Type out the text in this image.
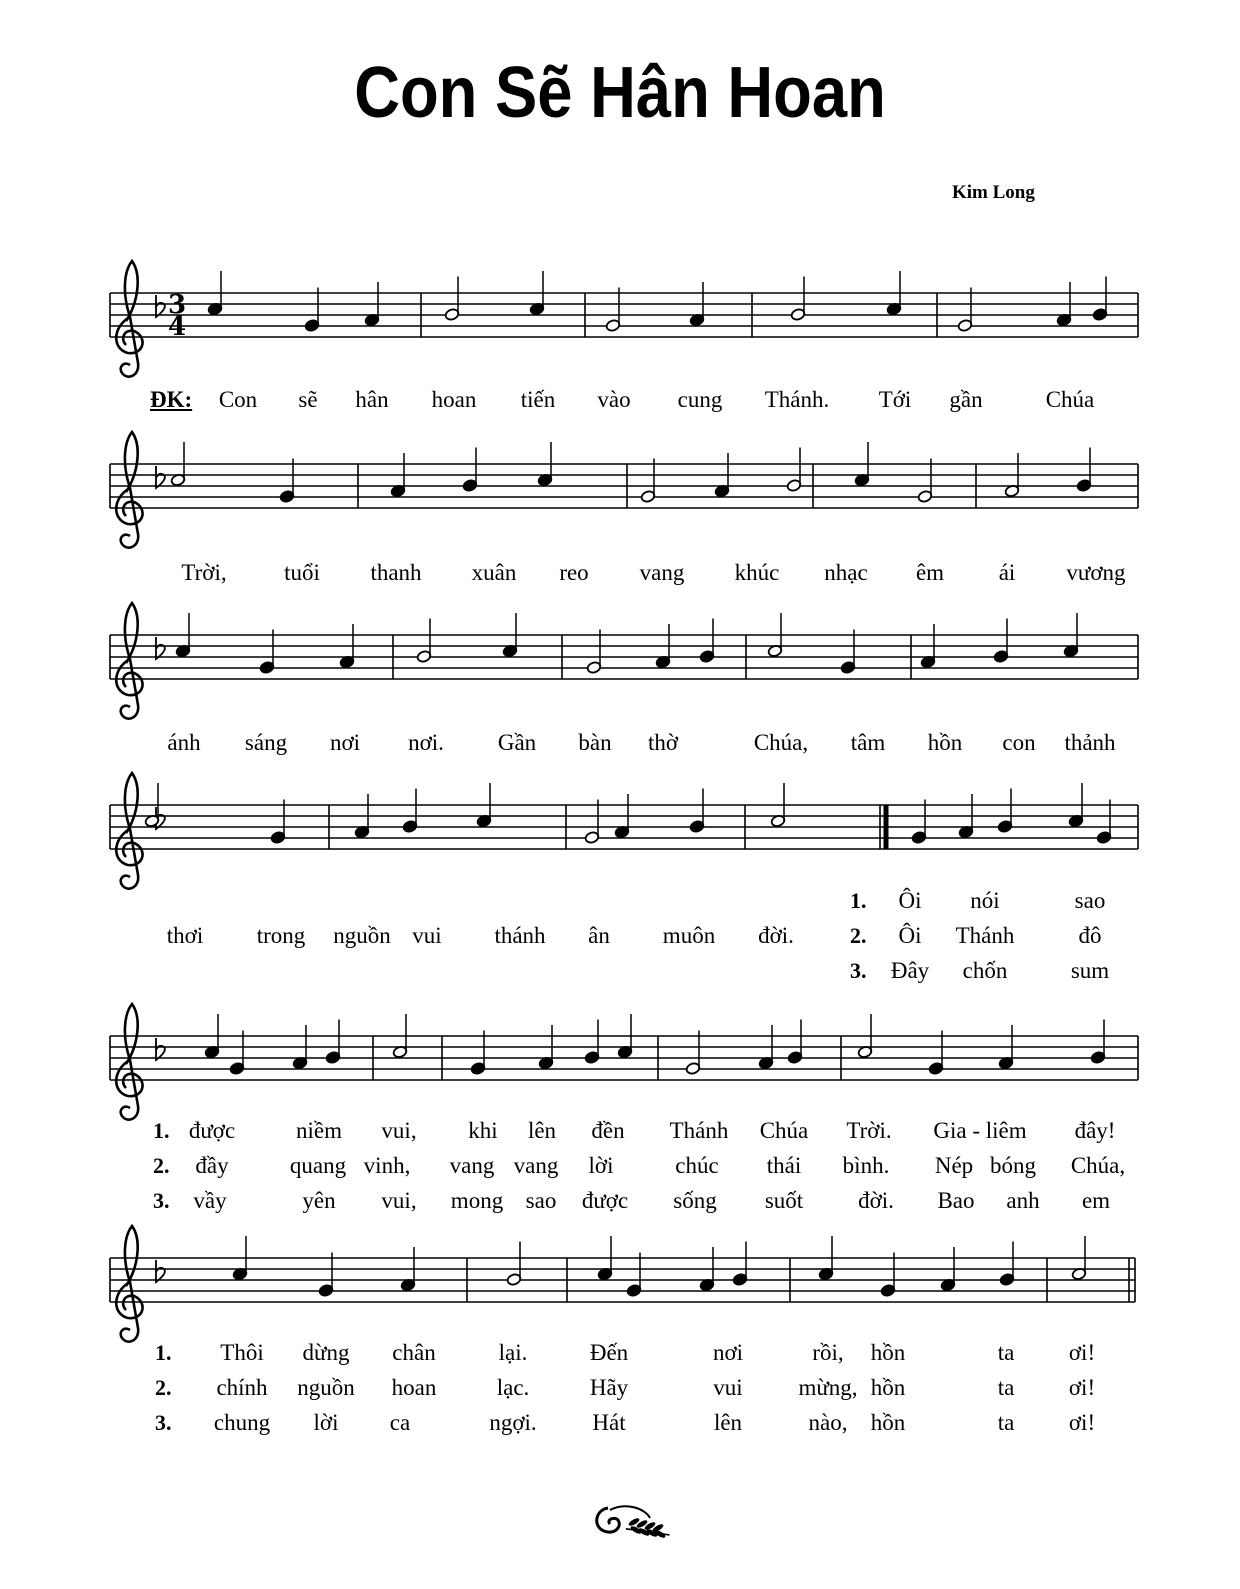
Con Sẽ Hân Hoan
Kim Long
3
4
ĐK: Con sẽ hân hoan tiến vào cung Thánh. Tới gần	Chúa
Trời,	tuổi thanh xuân reo vang khúc nhạc êm ái vương
ánh sáng nơi nơi. Gần bàn thờ	Chúa, tâm hồn con thảnh
thơi trong nguồn vui thánh ân muôn đời.
1. Ôi nói	sao
2. Ôi Thánh	đô
3. Đây chốn	sum
1. được	niềm vui, khi lên đền Thánh Chúa Trời. Gia - liêm đây!
2. đầy	quang vinh, vang vang lời	chúc thái bình. Nép bóng Chúa,
3. vầy	yên vui, mong sao được sống suốt đời. Bao anh em
1. Thôi dừng chân	lại.	Đến	nơi	rồi, hồn	ta ơi!
2. chính nguồn hoan	lạc.	Hãy	vui mừng, hồn	ta ơi!
3. chung lời ca	ngợi. Hát	lên	nào, hồn	ta ơi!
